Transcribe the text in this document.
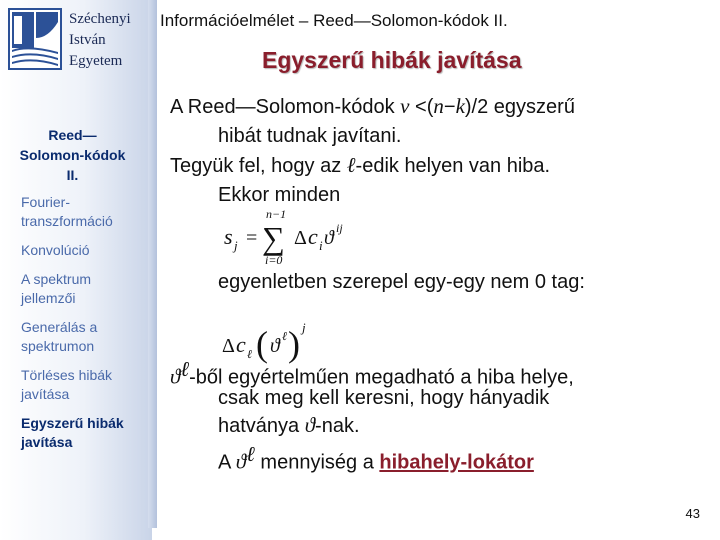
Széchenyi
István
Egyetem
Reed—
Solomon-kódok
II.
Fourier-
transzformáció
Konvolúció
A spektrum
jellemzői
Generálás a
spektrumon
Törléses hibák
javítása
Egyszerű hibák
javítása
Információelmélet – Reed—Solomon-kódok II.
Egyszerű hibák javítása
A Reed—Solomon-kódok ν <(n−k)/2 egyszerű
hibát tudnak javítani.
Tegyük fel, hogy az ℓ-edik helyen van hiba.
Ekkor minden
s j =
n−1
∑
i=0
Δ c i ϑ ij
egyenletben szerepel egy-egy nem 0 tag:
Δ c ℓ ( ϑ ℓ ) j
$ϑ^\ell$-ből egyértelműen megadható a hiba helye,
csak meg kell keresni, hogy hányadik
hatványa ϑ-nak.
A $ϑ^\ell$ mennyiség a hibahely-lokátor
43
